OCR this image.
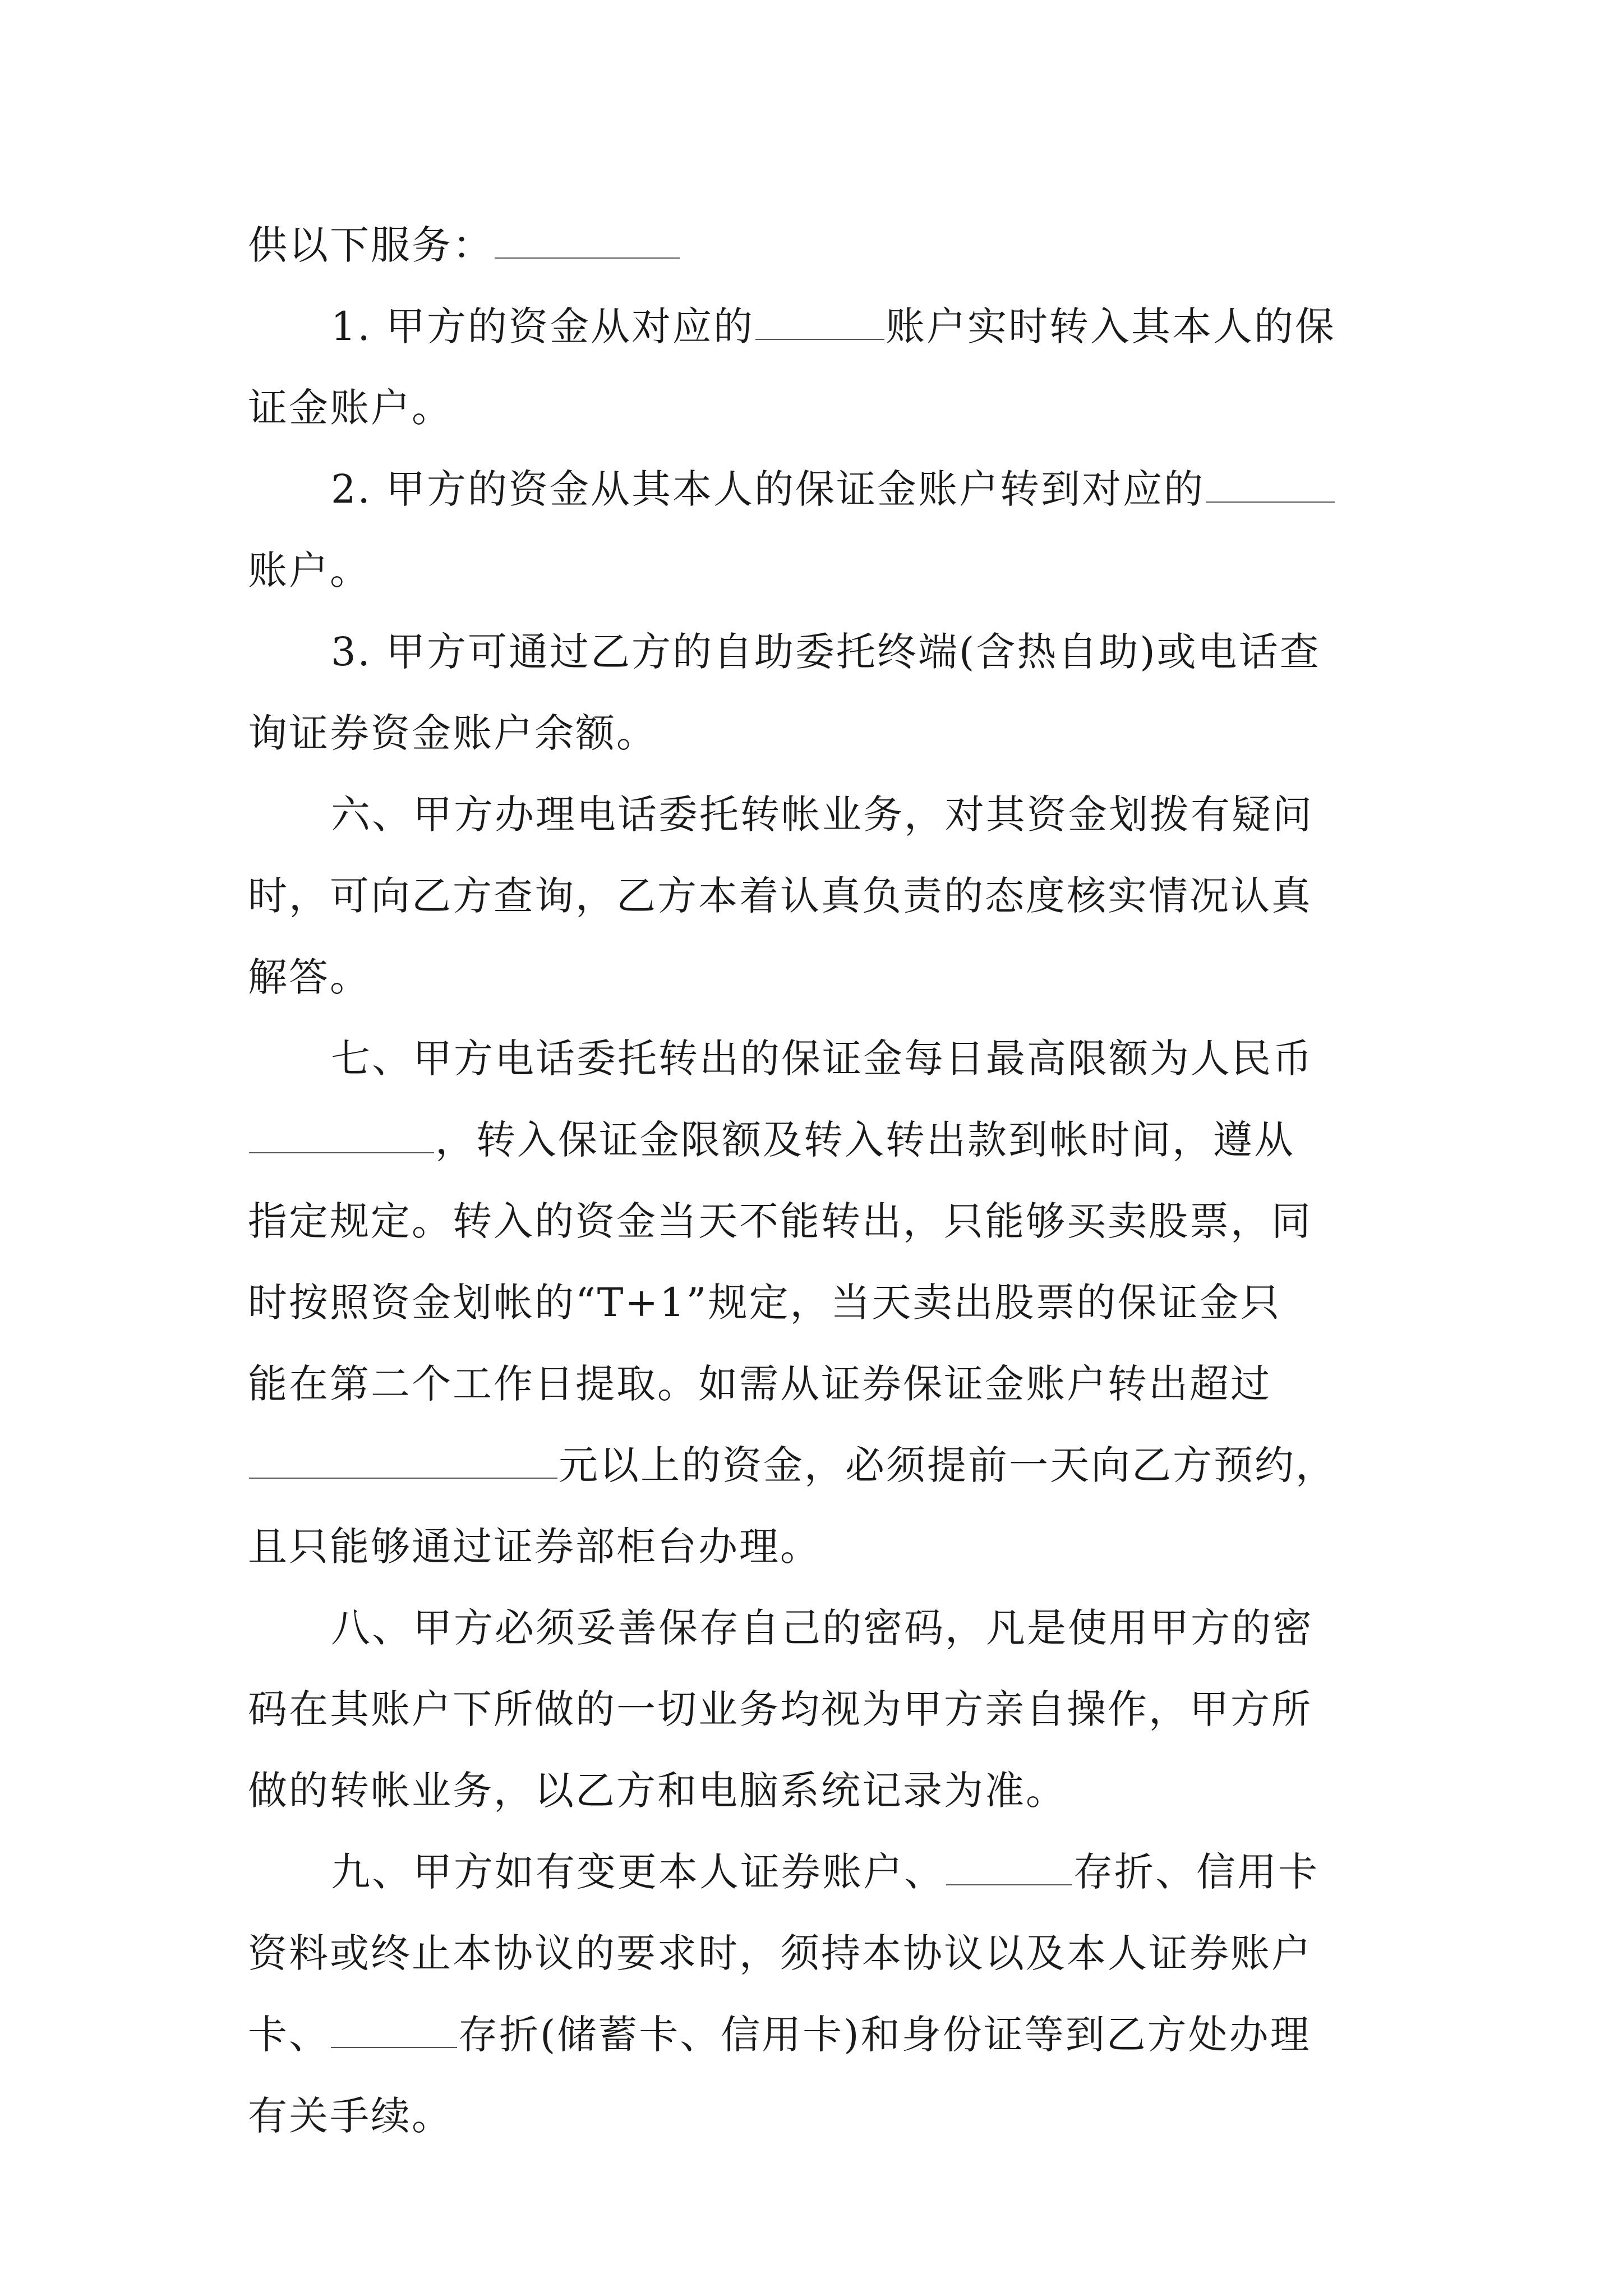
供以下服务：
1. 甲方的资金从对应的	账户实时转入其本人的保
证金账户。
2. 甲方的资金从其本人的保证金账户转到对应的
账户。
3. 甲方可通过乙方的自助委托终端(含热自助)或电话查
询证券资金账户余额。
六、甲方办理电话委托转帐业务，对其资金划拨有疑问
时，可向乙方查询，乙方本着认真负责的态度核实情况认真
解答。
七、甲方电话委托转出的保证金每日最高限额为人民币
，转入保证金限额及转入转出款到帐时间，遵从
指定规定。转入的资金当天不能转出，只能够买卖股票，同
时按照资金划帐的“T+1”规定，当天卖出股票的保证金只
能在第二个工作日提取。如需从证券保证金账户转出超过
元以上的资金，必须提前一天向乙方预约，
且只能够通过证券部柜台办理。
八、甲方必须妥善保存自己的密码，凡是使用甲方的密
码在其账户下所做的一切业务均视为甲方亲自操作，甲方所
做的转帐业务，以乙方和电脑系统记录为准。
九、甲方如有变更本人证券账户、	存折、信用卡
资料或终止本协议的要求时，须持本协议以及本人证券账户
卡、	存折(储蓄卡、信用卡)和身份证等到乙方处办理
有关手续。
